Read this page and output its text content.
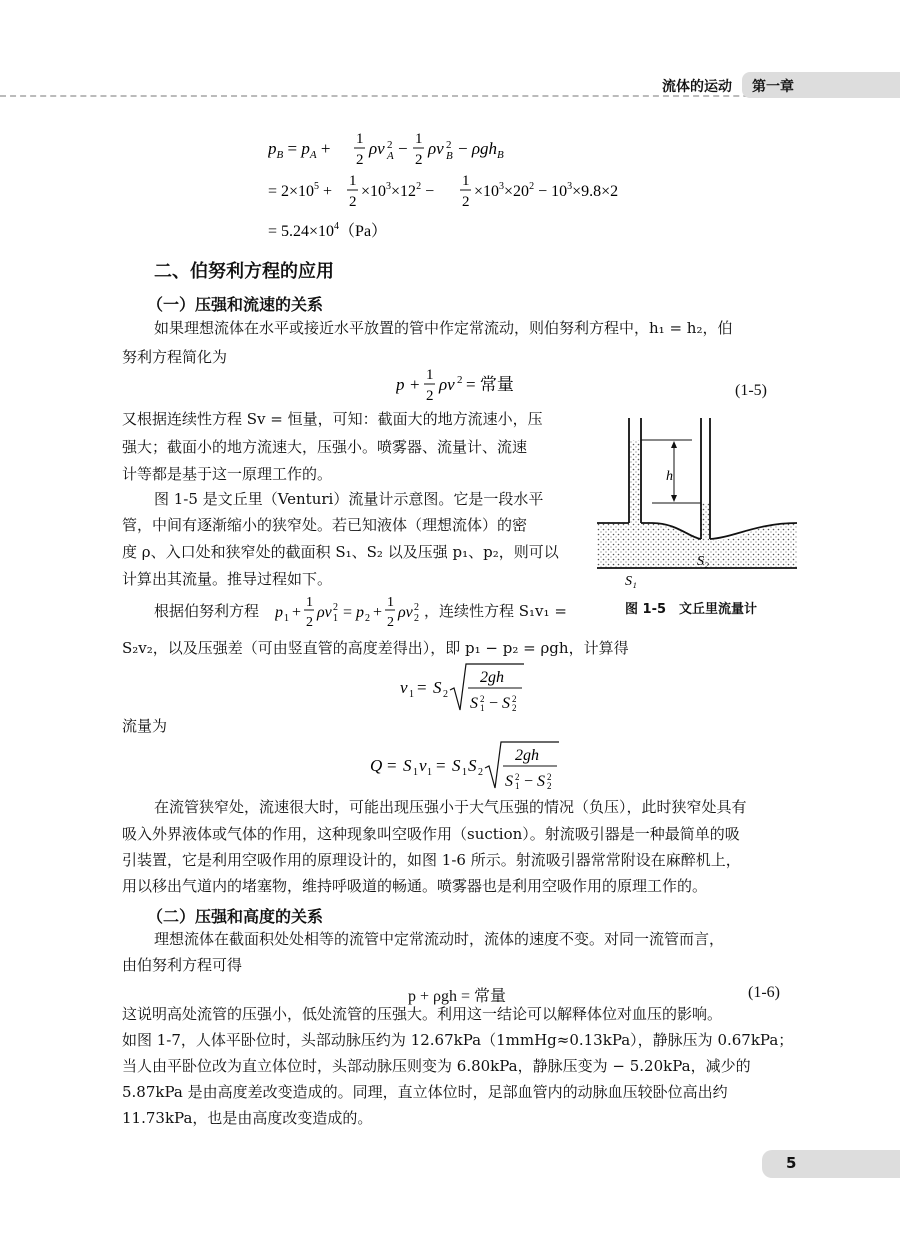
流体的运动 第一章
$p_B = p_A + 1$
2
ρv 2
A − 1
2
ρv 2
B − ρgh$_B$
= $2\times 10^5$ +
1
2
$\times 10^3\times 12^2$ −
1
2
$\times 10^3\times 20^2 - 10^3\times 9.8\times 2$
= $5.24\times 10^4(Pa)$
二、伯努利方程的应用
（一）压强和流速的关系
如果理想流体在水平或接近水平放置的管中作定常流动，则伯努利方程中，h₁ = h₂，伯
努利方程简化为
p + 1
2
ρv 2 = 常量	(1-5)
又根据连续性方程 Sv = 恒量，可知：截面大的地方流速小，压
强大；截面小的地方流速大，压强小。喷雾器、流量计、流速
计等都是基于这一原理工作的。
图 1-5 是文丘里（Venturi）流量计示意图。它是一段水平
管，中间有逐渐缩小的狭窄处。若已知液体（理想流体）的密
度 ρ、入口处和狭窄处的截面积 S₁、S₂ 以及压强 p₁、p₂，则可以
计算出其流量。推导过程如下。
h
S₂
S₁
图 1-5　文丘里流量计
根据伯努利方程 p 1 +
1
2
ρv 2
1 = p 2 +
1
2
ρv 2
2 ，连续性方程 S₁v₁ =
S₂v₂，以及压强差（可由竖直管的高度差得出），即 p₁ − p₂ = ρgh，计算得
v 1 = S 2
2gh
S 2
1 − S 2
2
流量为
Q = S 1 v 1 = S 1 S 2
2gh
S 2
1 − S 2
2
在流管狭窄处，流速很大时，可能出现压强小于大气压强的情况（负压），此时狭窄处具有
吸入外界液体或气体的作用，这种现象叫空吸作用（suction）。射流吸引器是一种最简单的吸
引装置，它是利用空吸作用的原理设计的，如图 1-6 所示。射流吸引器常常附设在麻醉机上，
用以移出气道内的堵塞物，维持呼吸道的畅通。喷雾器也是利用空吸作用的原理工作的。
（二）压强和高度的关系
理想流体在截面积处处相等的流管中定常流动时，流体的速度不变。对同一流管而言，
由伯努利方程可得
p + ρgh = 常量	(1-6)
这说明高处流管的压强小，低处流管的压强大。利用这一结论可以解释体位对血压的影响。
如图 1-7，人体平卧位时，头部动脉压约为 12.67kPa（1mmHg≈0.13kPa），静脉压为 0.67kPa；
当人由平卧位改为直立体位时，头部动脉压则变为 6.80kPa，静脉压变为 − 5.20kPa，减少的
5.87kPa 是由高度差改变造成的。同理，直立体位时，足部血管内的动脉血压较卧位高出约
11.73kPa，也是由高度改变造成的。
5
